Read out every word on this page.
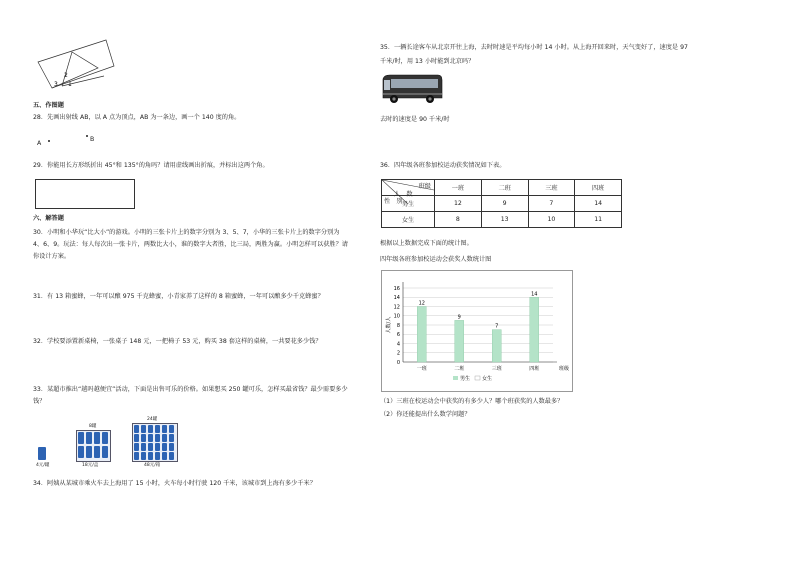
2
3 1
五、作图题
28．先画出射线 AB，以 A 点为顶点，AB 为一条边，画一个 140 度的角。
A
B
29．你能用长方形纸折出 45°和 135°的角吗？请用虚线画出折痕，并标出这两个角。
六、解答题
30．小明和小华玩“比大小”的游戏。小明的三张卡片上的数字分别为 3、5、7，小华的三张卡片上的数字分别为 4、6、9。玩法：每人每次出一张卡片，两数比大小，谁的数字大者胜，比三局，两胜为赢。小明怎样可以获胜？请你设计方案。
31．有 13 箱蜜蜂，一年可以酿 975 千克蜂蜜，小青家养了这样的 8 箱蜜蜂，一年可以酿多少千克蜂蜜？
32．学校要添置新桌椅，一张桌子 148 元，一把椅子 53 元，购买 38 套这样的桌椅，一共要花多少钱？
33．某超市推出“越吗越便宜”活动，下面是出售可乐的价格。如果想买 250 罐可乐，怎样买最省钱？最少需要多少钱？
4元/罐
8罐
18元/盒
24罐
48元/箱
34．阿姨从某城市乘火车去上海用了 15 小时，火车每小时行驶 120 千米，该城市到上海有多少千米？
35．一辆长途客车从北京开往上海，去时时速是平均每小时 14 小时。从上海开回来时，天气变好了，速度是 97
千米/时，用 13 小时能到北京吗？
去时的速度是 90 千米/时
36．四年级各班参加校运动获奖情况如下表。
班级
人　数
性　别	一班	二班	三班	四班

男生	12	9	7	14
女生	8	13	10	11
根据以上数据完成下面的统计图。
四年级各班参加校运动会获奖人数统计图
0
2
4
6
8
10
12
14
16
人数/人
班级
12
一班
9
二班
7
三班
14
四班
男生 女生
（1）三班在校运动会中获奖的有多少人？哪个班获奖的人数最多？
（2）你还能提出什么数学问题？
